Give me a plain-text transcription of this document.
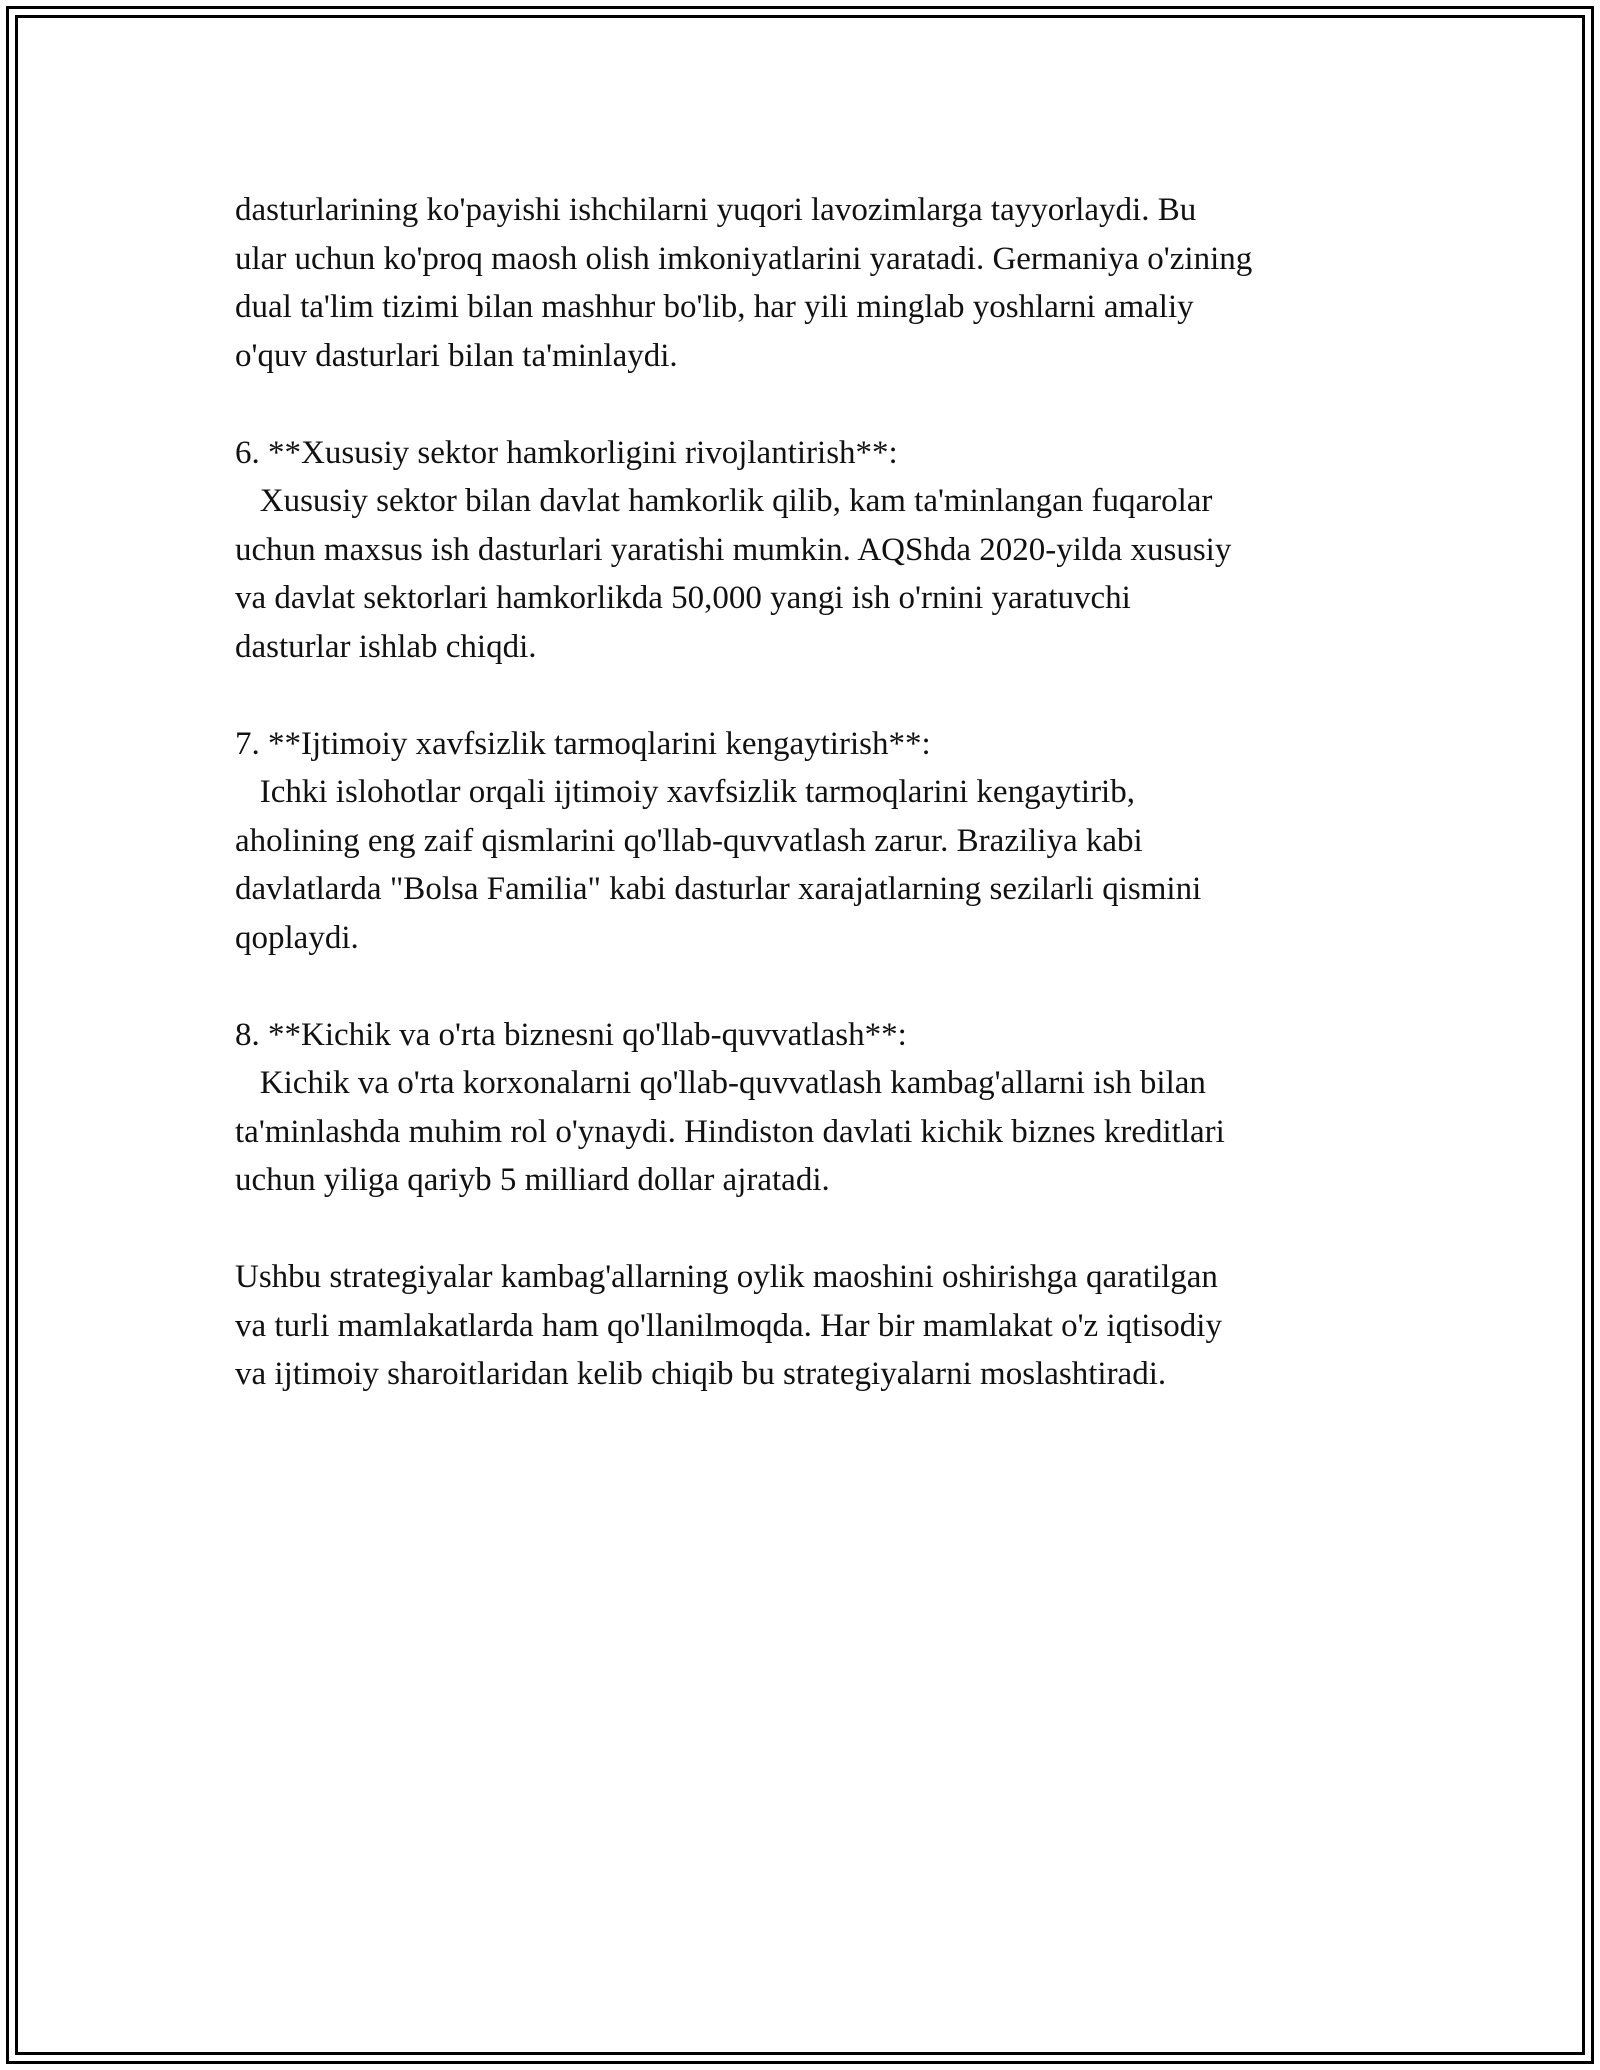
dasturlarining ko'payishi ishchilarni yuqori lavozimlarga tayyorlaydi. Bu
ular uchun ko'proq maosh olish imkoniyatlarini yaratadi. Germaniya o'zining
dual ta'lim tizimi bilan mashhur bo'lib, har yili minglab yoshlarni amaliy
o'quv dasturlari bilan ta'minlaydi.
6. **Xususiy sektor hamkorligini rivojlantirish**:
Xususiy sektor bilan davlat hamkorlik qilib, kam ta'minlangan fuqarolar
uchun maxsus ish dasturlari yaratishi mumkin. AQShda 2020-yilda xususiy
va davlat sektorlari hamkorlikda 50,000 yangi ish o'rnini yaratuvchi
dasturlar ishlab chiqdi.
7. **Ijtimoiy xavfsizlik tarmoqlarini kengaytirish**:
Ichki islohotlar orqali ijtimoiy xavfsizlik tarmoqlarini kengaytirib,
aholining eng zaif qismlarini qo'llab-quvvatlash zarur. Braziliya kabi
davlatlarda "Bolsa Familia" kabi dasturlar xarajatlarning sezilarli qismini
qoplaydi.
8. **Kichik va o'rta biznesni qo'llab-quvvatlash**:
Kichik va o'rta korxonalarni qo'llab-quvvatlash kambag'allarni ish bilan
ta'minlashda muhim rol o'ynaydi. Hindiston davlati kichik biznes kreditlari
uchun yiliga qariyb 5 milliard dollar ajratadi.
Ushbu strategiyalar kambag'allarning oylik maoshini oshirishga qaratilgan
va turli mamlakatlarda ham qo'llanilmoqda. Har bir mamlakat o'z iqtisodiy
va ijtimoiy sharoitlaridan kelib chiqib bu strategiyalarni moslashtiradi.
